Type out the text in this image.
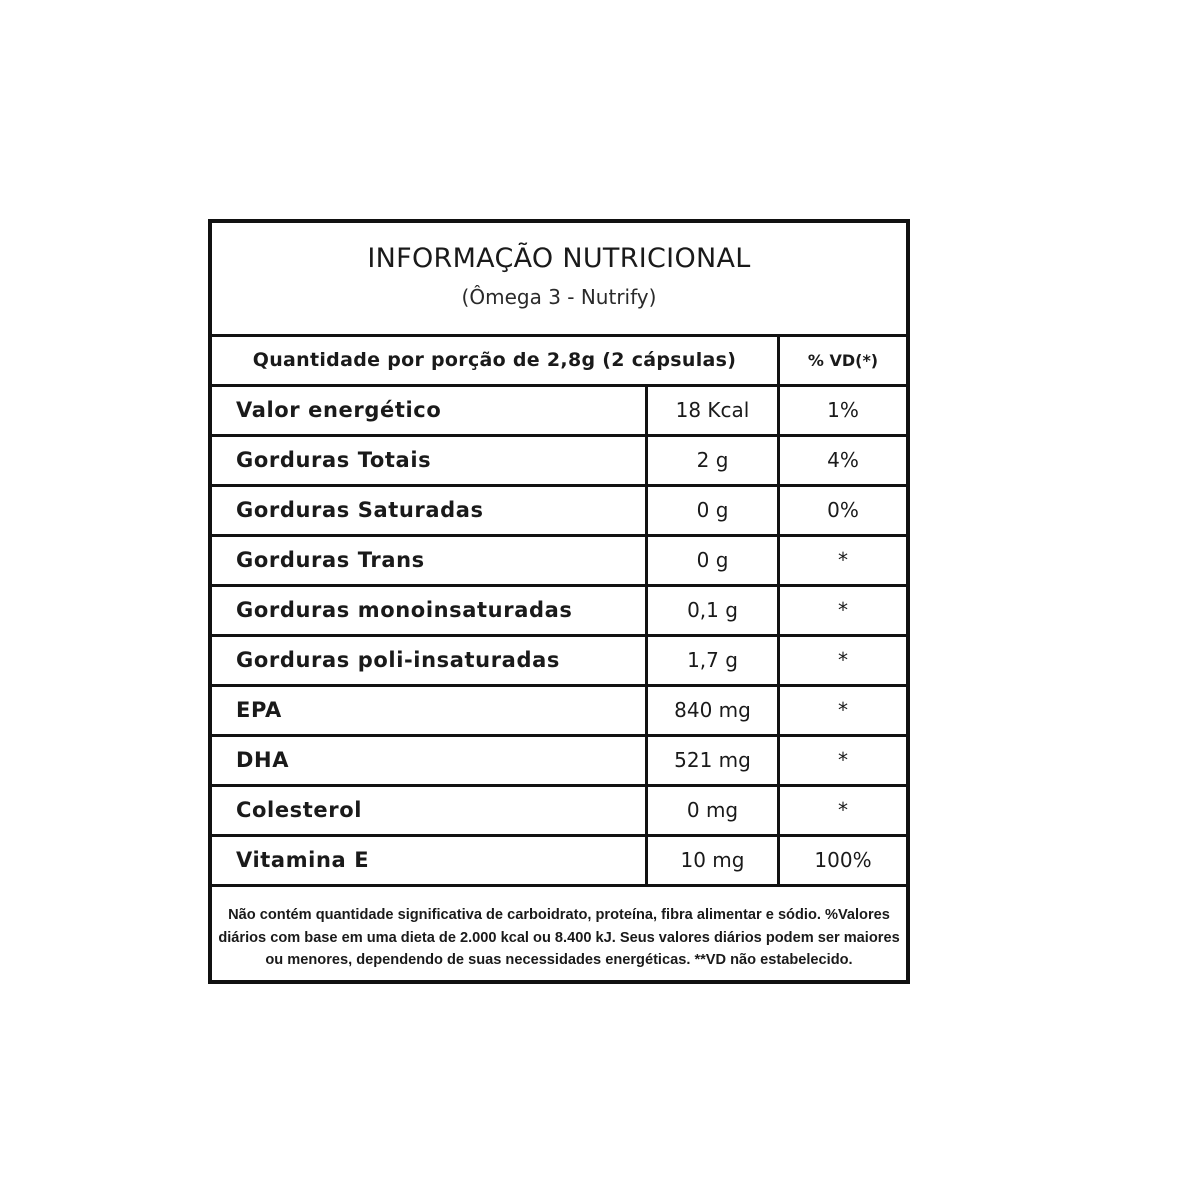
INFORMAÇÃO NUTRICIONAL
(Ômega 3 - Nutrify)
Quantidade por porção de 2,8g (2 cápsulas)	% VD(*)
Valor energético	18 Kcal	1%
Gorduras Totais	2 g	4%
Gorduras Saturadas	0 g	0%
Gorduras Trans	0 g	*
Gorduras monoinsaturadas	0,1 g	*
Gorduras poli-insaturadas	1,7 g	*
EPA	840 mg	*
DHA	521 mg	*
Colesterol	0 mg	*
Vitamina E	10 mg	100%
Não contém quantidade significativa de carboidrato, proteína, fibra alimentar e sódio. %Valores diários com base em uma dieta de 2.000 kcal ou 8.400 kJ. Seus valores diários podem ser maiores ou menores, dependendo de suas necessidades energéticas. **VD não estabelecido.
